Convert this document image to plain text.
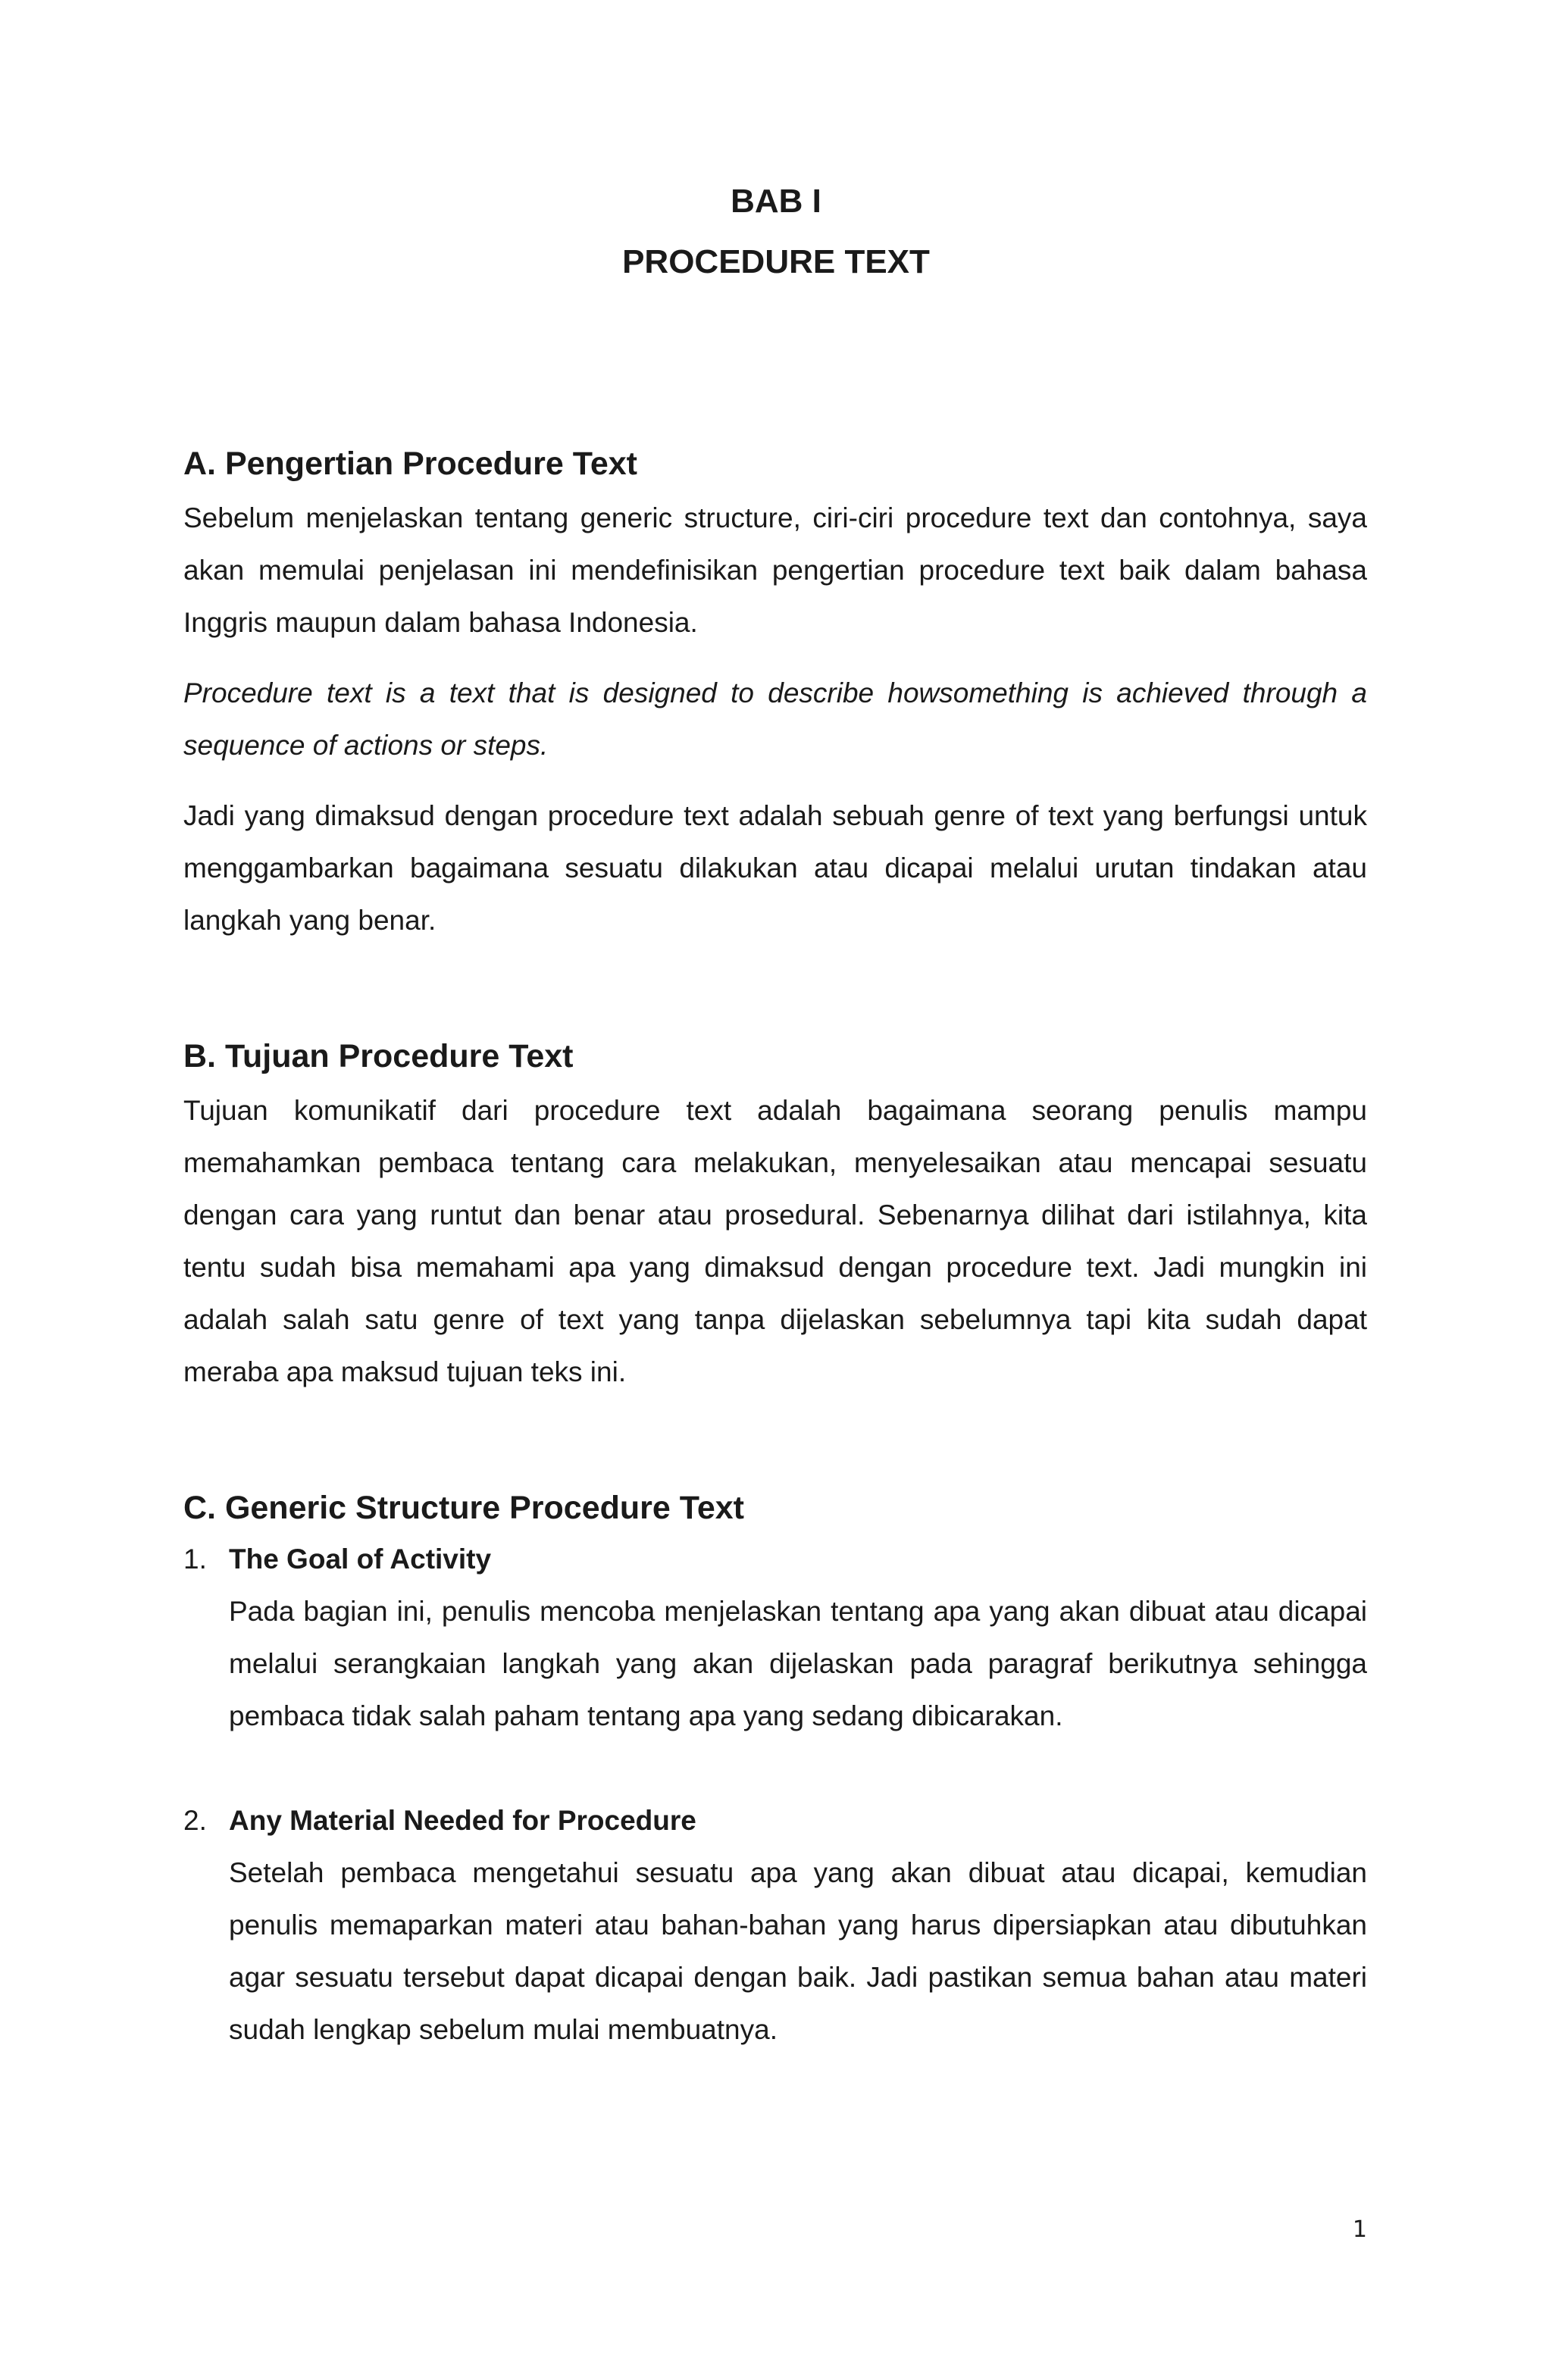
BAB I
PROCEDURE TEXT
A. Pengertian Procedure Text

Sebelum menjelaskan tentang generic structure, ciri-ciri procedure text dan contohnya, saya akan memulai penjelasan ini mendefinisikan pengertian procedure text baik dalam bahasa Inggris maupun dalam bahasa Indonesia.

Procedure text is a text that is designed to describe howsomething is achieved through a sequence of actions or steps.

Jadi yang dimaksud dengan procedure text adalah sebuah genre of text yang berfungsi untuk menggambarkan bagaimana sesuatu dilakukan atau dicapai melalui urutan tindakan atau langkah yang benar.

B. Tujuan Procedure Text

Tujuan komunikatif dari procedure text adalah bagaimana seorang penulis mampu memahamkan pembaca tentang cara melakukan, menyelesaikan atau mencapai sesuatu dengan cara yang runtut dan benar atau prosedural. Sebenarnya dilihat dari istilahnya, kita tentu sudah bisa memahami apa yang dimaksud dengan procedure text. Jadi mungkin ini adalah salah satu genre of text yang tanpa dijelaskan sebelumnya tapi kita sudah dapat meraba apa maksud tujuan teks ini.

C. Generic Structure Procedure Text
1. The Goal of Activity

Pada bagian ini, penulis mencoba menjelaskan tentang apa yang akan dibuat atau dicapai melalui serangkaian langkah yang akan dijelaskan pada paragraf berikutnya sehingga pembaca tidak salah paham tentang apa yang sedang dibicarakan.

2. Any Material Needed for Procedure

Setelah pembaca mengetahui sesuatu apa yang akan dibuat atau dicapai, kemudian penulis memaparkan materi atau bahan-bahan yang harus dipersiapkan atau dibutuhkan agar sesuatu tersebut dapat dicapai dengan baik. Jadi pastikan semua bahan atau materi sudah lengkap sebelum mulai membuatnya.

1
